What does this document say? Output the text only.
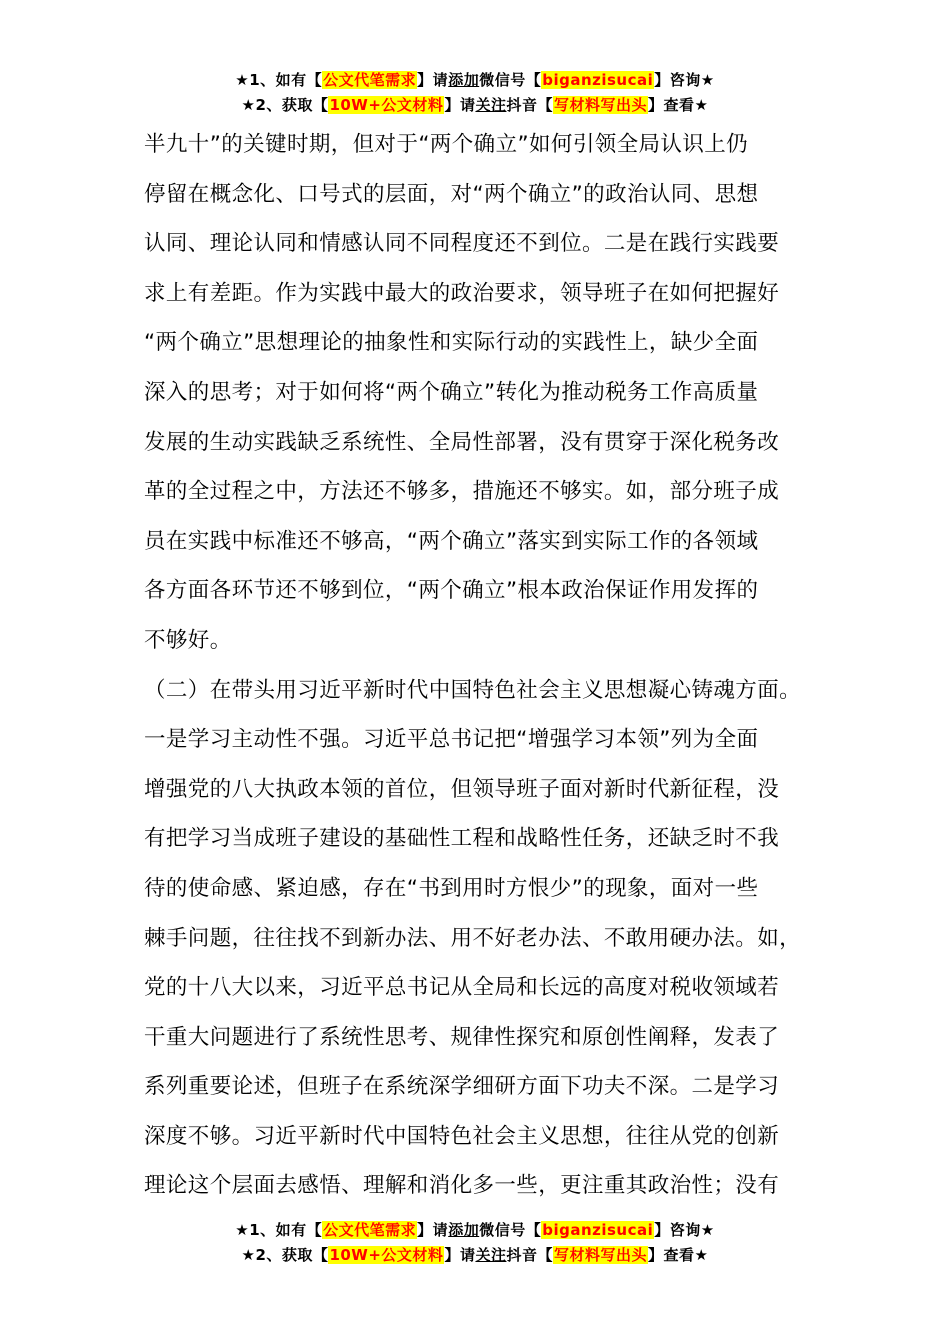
★1、如有【公文代笔需求】请添加微信号【biganzisucai】咨询★
★2、获取【10W+公文材料】请关注抖音【写材料写出头】查看★
半九十”的关键时期，但对于“两个确立”如何引领全局认识上仍
停留在概念化、口号式的层面，对“两个确立”的政治认同、思想
认同、理论认同和情感认同不同程度还不到位。二是在践行实践要
求上有差距。作为实践中最大的政治要求，领导班子在如何把握好
“两个确立”思想理论的抽象性和实际行动的实践性上，缺少全面
深入的思考；对于如何将“两个确立”转化为推动税务工作高质量
发展的生动实践缺乏系统性、全局性部署，没有贯穿于深化税务改
革的全过程之中，方法还不够多，措施还不够实。如，部分班子成
员在实践中标准还不够高，“两个确立”落实到实际工作的各领域
各方面各环节还不够到位，“两个确立”根本政治保证作用发挥的
不够好。
（二）在带头用习近平新时代中国特色社会主义思想凝心铸魂方面。
一是学习主动性不强。习近平总书记把“增强学习本领”列为全面
增强党的八大执政本领的首位，但领导班子面对新时代新征程，没
有把学习当成班子建设的基础性工程和战略性任务，还缺乏时不我
待的使命感、紧迫感，存在“书到用时方恨少”的现象，面对一些
棘手问题，往往找不到新办法、用不好老办法、不敢用硬办法。如，
党的十八大以来，习近平总书记从全局和长远的高度对税收领域若
干重大问题进行了系统性思考、规律性探究和原创性阐释，发表了
系列重要论述，但班子在系统深学细研方面下功夫不深。二是学习
深度不够。习近平新时代中国特色社会主义思想，往往从党的创新
理论这个层面去感悟、理解和消化多一些，更注重其政治性；没有
★1、如有【公文代笔需求】请添加微信号【biganzisucai】咨询★
★2、获取【10W+公文材料】请关注抖音【写材料写出头】查看★
